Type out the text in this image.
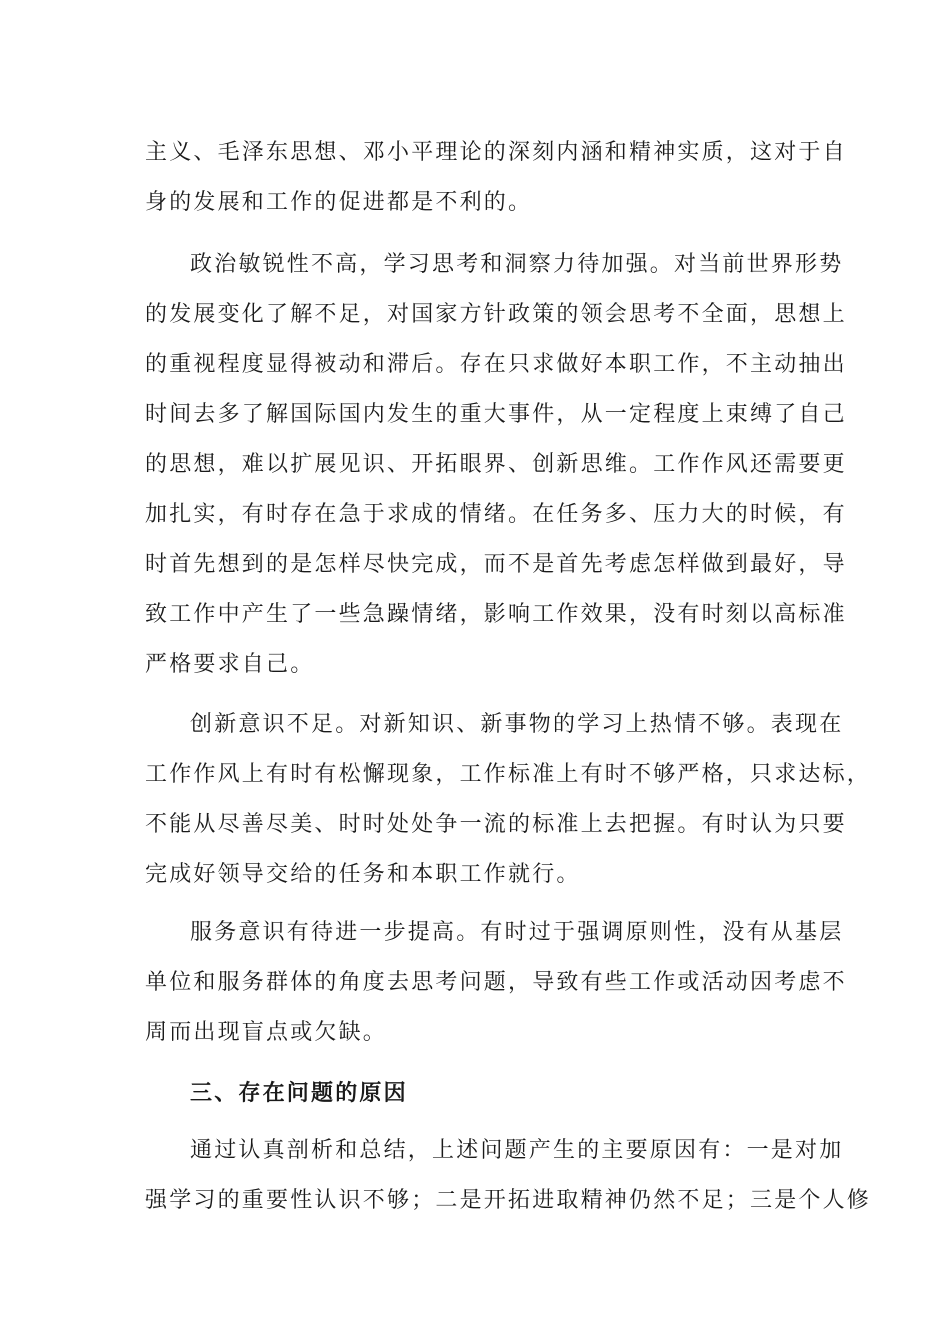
主义、毛泽东思想、邓小平理论的深刻内涵和精神实质，这对于自
身的发展和工作的促进都是不利的。
政治敏锐性不高，学习思考和洞察力待加强。对当前世界形势
的发展变化了解不足，对国家方针政策的领会思考不全面，思想上
的重视程度显得被动和滞后。存在只求做好本职工作，不主动抽出
时间去多了解国际国内发生的重大事件，从一定程度上束缚了自己
的思想，难以扩展见识、开拓眼界、创新思维。工作作风还需要更
加扎实，有时存在急于求成的情绪。在任务多、压力大的时候，有
时首先想到的是怎样尽快完成，而不是首先考虑怎样做到最好，导
致工作中产生了一些急躁情绪，影响工作效果，没有时刻以高标准
严格要求自己。
创新意识不足。对新知识、新事物的学习上热情不够。表现在
工作作风上有时有松懈现象，工作标准上有时不够严格，只求达标，
不能从尽善尽美、时时处处争一流的标准上去把握。有时认为只要
完成好领导交给的任务和本职工作就行。
服务意识有待进一步提高。有时过于强调原则性，没有从基层
单位和服务群体的角度去思考问题，导致有些工作或活动因考虑不
周而出现盲点或欠缺。
三、存在问题的原因
通过认真剖析和总结，上述问题产生的主要原因有：一是对加
强学习的重要性认识不够；二是开拓进取精神仍然不足；三是个人修
